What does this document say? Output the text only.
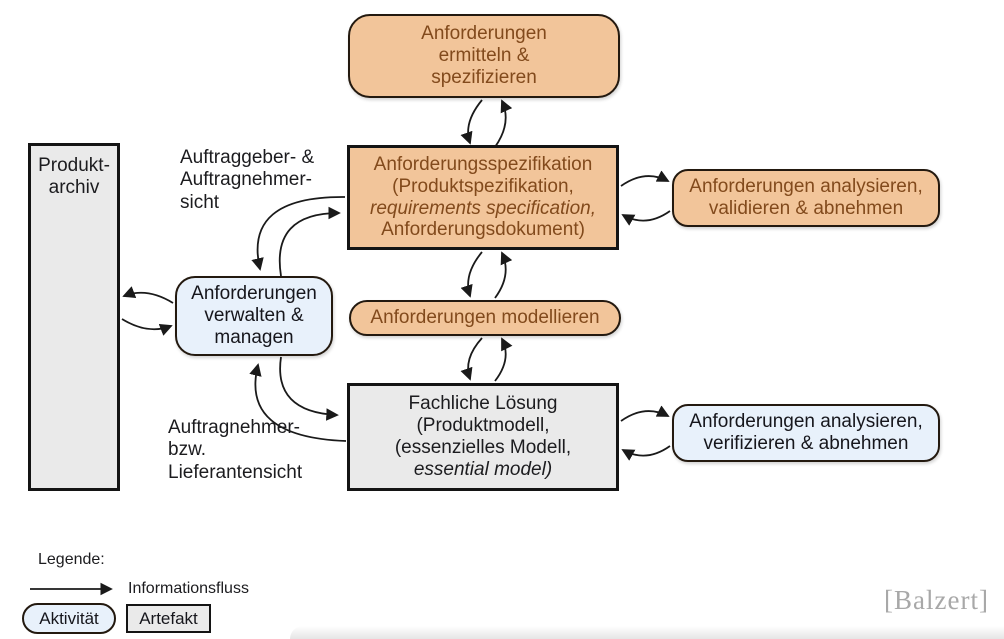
Anforderungen
ermitteln &
spezifizieren
Anforderungsspezifikation
(Produktspezifikation,
requirements specification,
Anforderungsdokument)
Anforderungen analysieren,
validieren & abnehmen
Produkt-
archiv
Anforderungen
verwalten &
managen
Anforderungen modellieren
Fachliche Lösung
(Produktmodell,
(essenzielles Modell,
essential model)
Anforderungen analysieren,
verifizieren & abnehmen
Auftraggeber- &
Auftragnehmer-
sicht
Auftragnehmer-
bzw.
Lieferantensicht
Legende:
Informationsfluss
Aktivität Artefakt
[Balzert]
